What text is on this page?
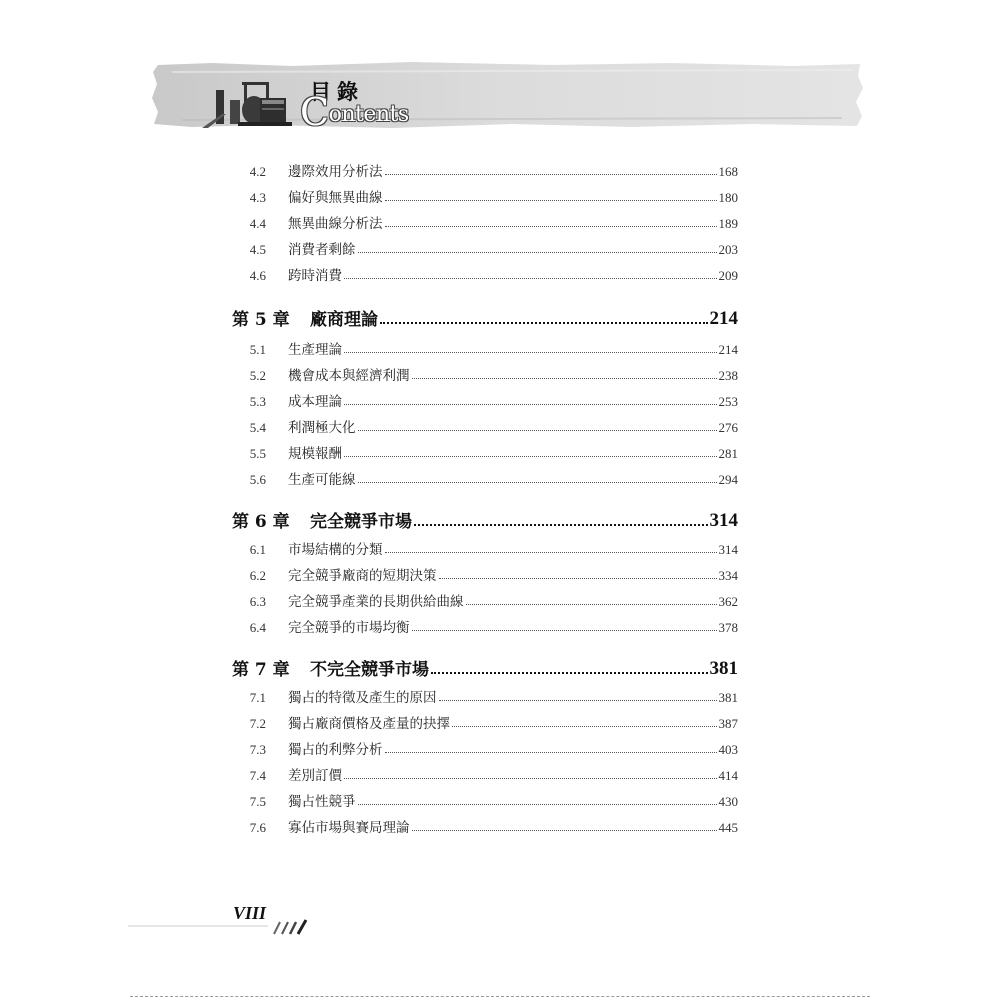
目錄
Contents
4.2	邊際效用分析法	168
4.3	偏好與無異曲線	180
4.4	無異曲線分析法	189
4.5	消費者剩餘	203
4.6	跨時消費	209
第 5 章	廠商理論	214
5.1	生產理論	214
5.2	機會成本與經濟利潤	238
5.3	成本理論	253
5.4	利潤極大化	276
5.5	規模報酬	281
5.6	生產可能線	294
第 6 章	完全競爭市場	314
6.1	市場結構的分類	314
6.2	完全競爭廠商的短期決策	334
6.3	完全競爭產業的長期供給曲線	362
6.4	完全競爭的市場均衡	378
第 7 章	不完全競爭市場	381
7.1	獨占的特徵及產生的原因	381
7.2	獨占廠商價格及產量的抉擇	387
7.3	獨占的利弊分析	403
7.4	差別訂價	414
7.5	獨占性競爭	430
7.6	寡佔市場與賽局理論	445
VIII
